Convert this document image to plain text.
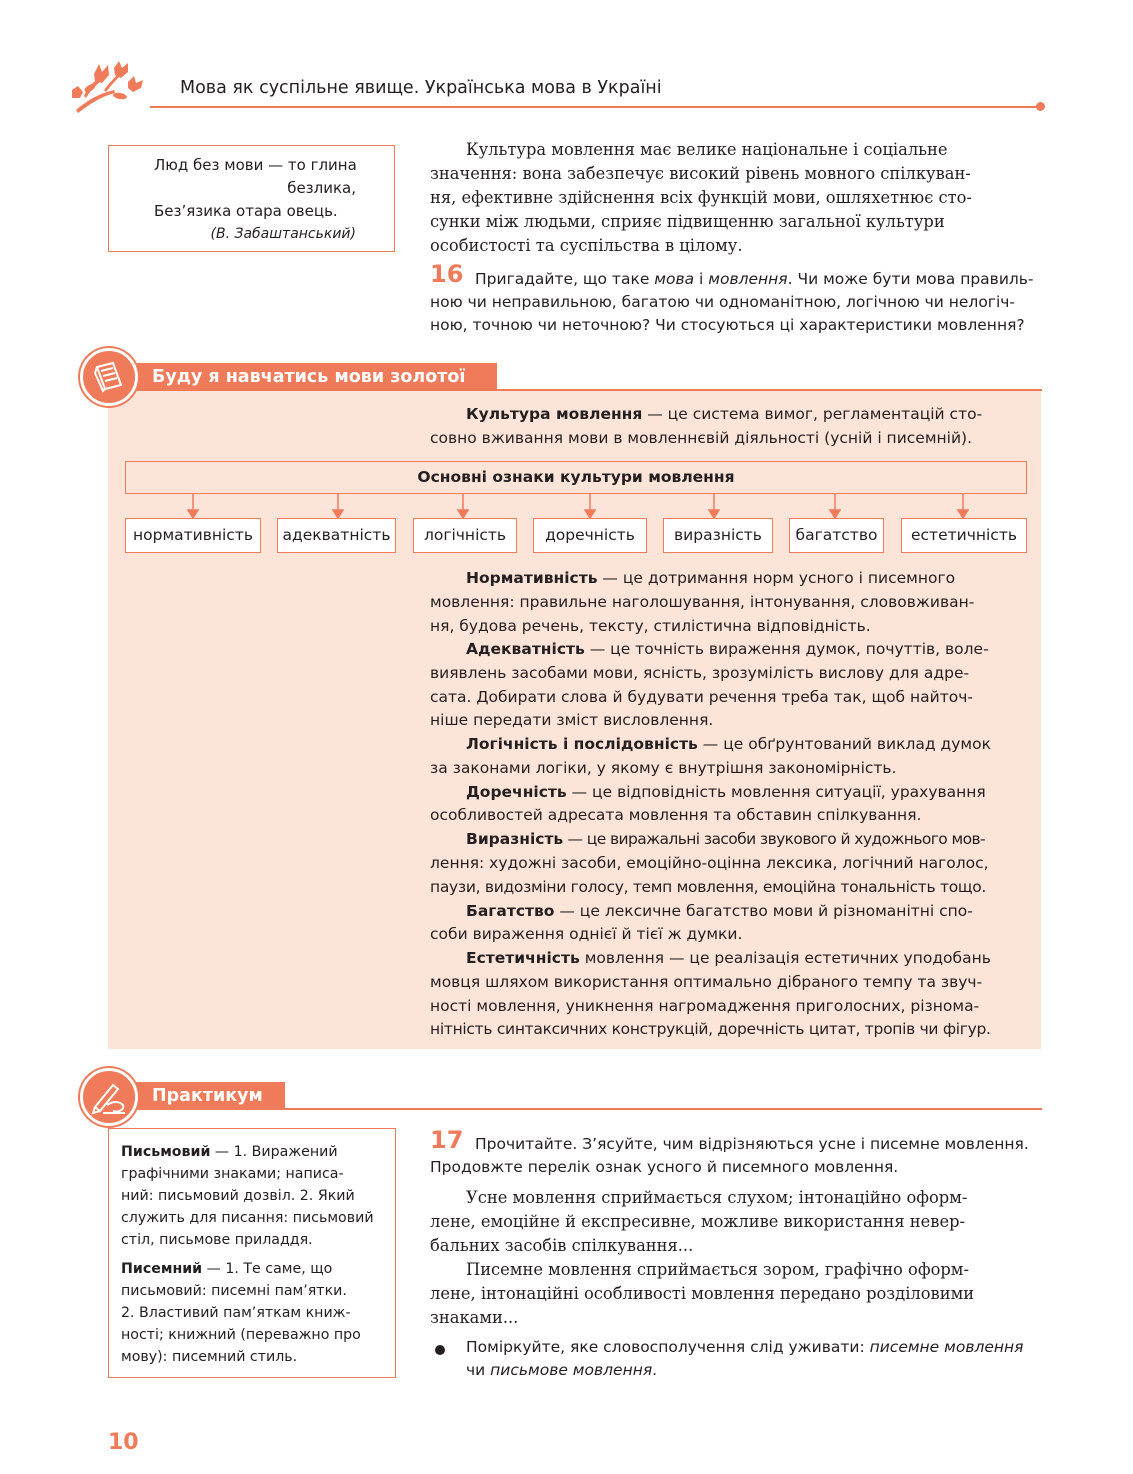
Мова як суспільне явище. Українська мова в Україні
Люд без мови — то глина
безлика,
Без’язика отара овець.
(В. Забаштанський)
Культура мовлення має велике національне і соціальне
значення: вона забезпечує високий рівень мовного спілкуван-
ня, ефективне здійснення всіх функцій мови, ошляхетнює сто-
сунки між людьми, сприяє підвищенню загальної культури
особистості та суспільства в цілому.
16 Пригадайте, що таке мова і мовлення. Чи може бути мова правиль-
ною чи неправильною, багатою чи одноманітною, логічною чи нелогіч-
ною, точною чи неточною? Чи стосуються ці характеристики мовлення?
Буду я навчатись мови золотої
Культура мовлення — це система вимог, регламентацій сто-
совно вживання мови в мовленнєвій діяльності (усній і писемній).
Основні ознаки культури мовлення
нормативність	адекватність	логічність	доречність	виразність	багатство	естетичність
Нормативність — це дотримання норм усного і писемного
мовлення: правильне наголошування, інтонування, слововживан-
ня, будова речень, тексту, стилістична відповідність.
Адекватність — це точність вираження думок, почуттів, воле-
виявлень засобами мови, ясність, зрозумілість вислову для адре-
сата. Добирати слова й будувати речення треба так, щоб найточ-
ніше передати зміст висловлення.
Логічність і послідовність — це обґрунтований виклад думок
за законами логіки, у якому є внутрішня закономірність.
Доречність — це відповідність мовлення ситуації, урахування
особливостей адресата мовлення та обставин спілкування.
Виразність — це виражальні засоби звукового й художнього мов-
лення: художні засоби, емоційно-оцінна лексика, логічний наголос,
паузи, видозміни голосу, темп мовлення, емоційна тональність тощо.
Багатство — це лексичне багатство мови й різноманітні спо-
соби вираження однієї й тієї ж думки.
Естетичність мовлення — це реалізація естетичних уподобань
мовця шляхом використання оптимально дібраного темпу та звуч-
ності мовлення, уникнення нагромадження приголосних, різнома-
нітність синтаксичних конструкцій, доречність цитат, тропів чи фігур.
Практикум
Письмовий — 1. Виражений
графічними знаками; написа-
ний: письмовий дозвіл. 2. Який
служить для писання: письмовий
стіл, письмове приладдя.
Писемний — 1. Те саме, що
письмовий: писемні пам’ятки.
2. Властивий пам’яткам книж-
ності; книжний (переважно про
мову): писемний стиль.
17 Прочитайте. З’ясуйте, чим відрізняються усне і писемне мовлення.
Продовжте перелік ознак усного й писемного мовлення.
Усне мовлення сприймається слухом; інтонаційно оформ-
лене, емоційне й експресивне, можливе використання невер-
бальних засобів спілкування...
Писемне мовлення сприймається зором, графічно оформ-
лене, інтонаційні особливості мовлення передано розділовими
знаками...
Поміркуйте, яке словосполучення слід уживати: писемне мовлення
чи письмове мовлення.
10
